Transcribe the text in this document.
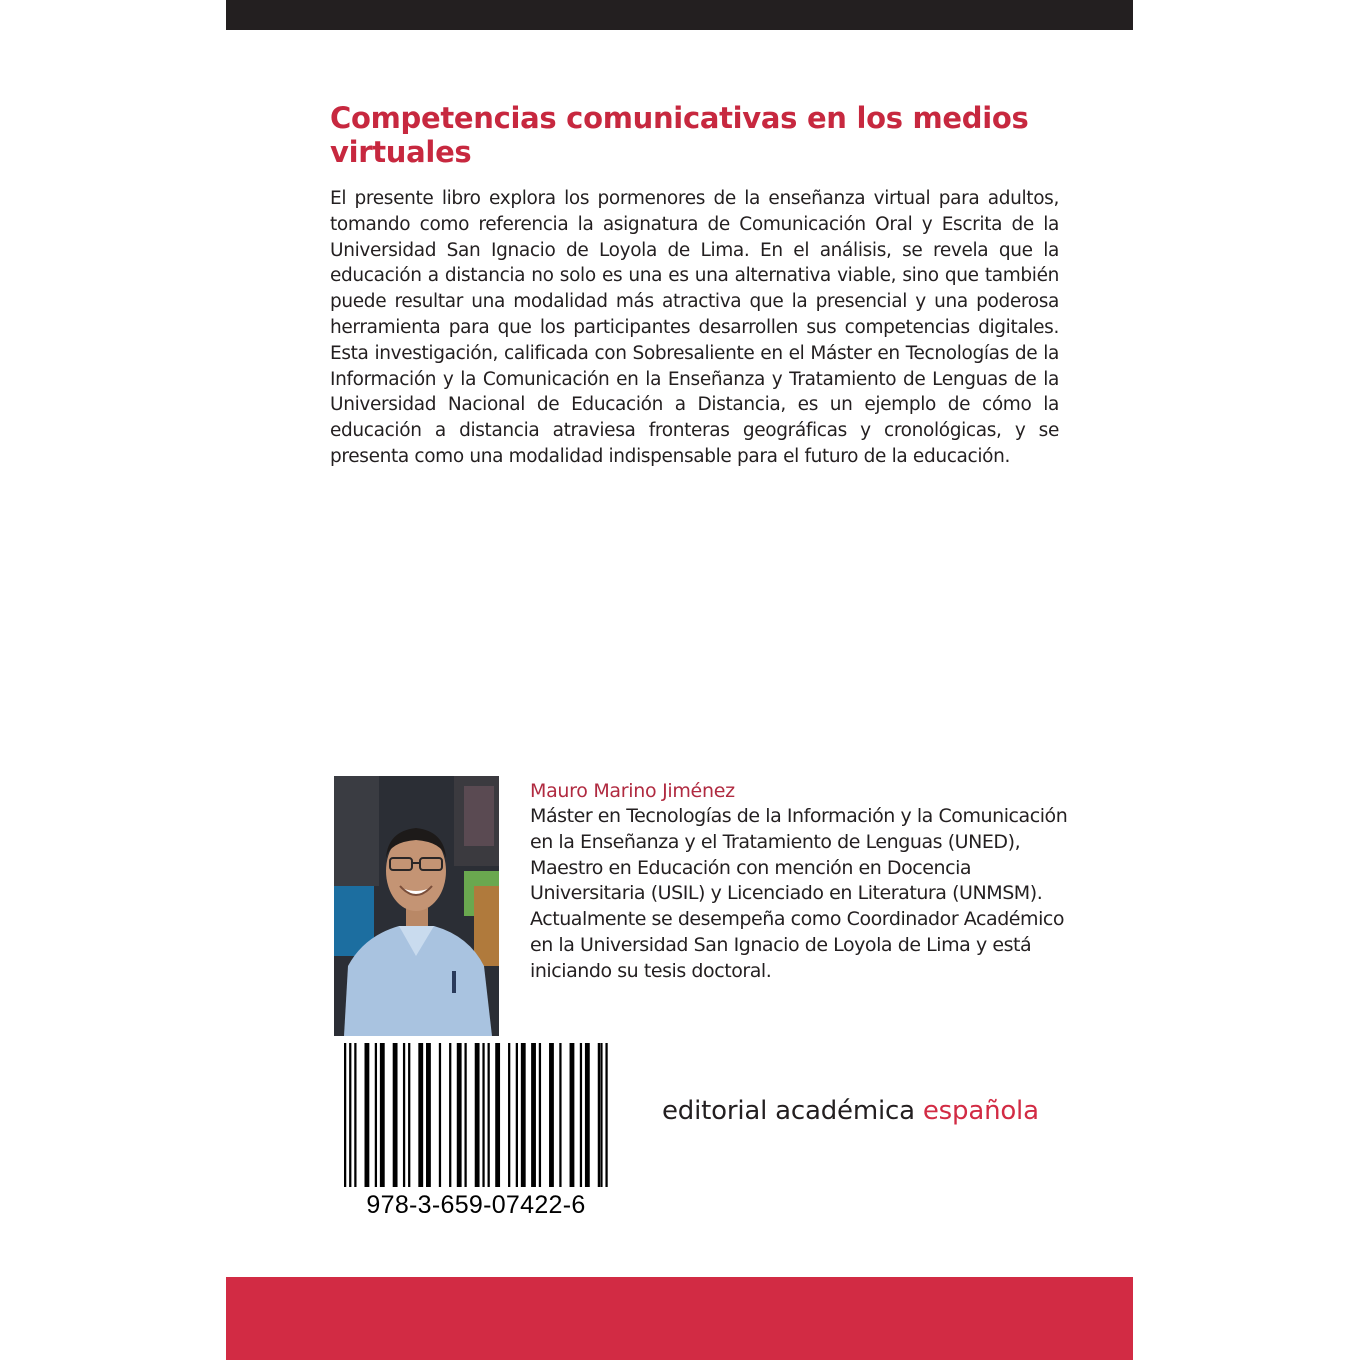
Competencias comunicativas en los medios virtuales

El presente libro explora los pormenores de la enseñanza virtual para adultos, tomando como referencia la asignatura de Comunicación Oral y Escrita de la Universidad San Ignacio de Loyola de Lima. En el análisis, se revela que la educación a distancia no solo es una es una alternativa viable, sino que también puede resultar una modalidad más atractiva que la presencial y una poderosa herramienta para que los participantes desarrollen sus competencias digitales. Esta investigación, calificada con Sobresaliente en el Máster en Tecnologías de la Información y la Comunicación en la Enseñanza y Tratamiento de Lenguas de la Universidad Nacional de Educación a Distancia, es un ejemplo de cómo la educación a distancia atraviesa fronteras geográficas y cronológicas, y se presenta como una modalidad indispensable para el futuro de la educación.

Mauro Marino Jiménez

Máster en Tecnologías de la Información y la Comunicación en la Enseñanza y el Tratamiento de Lenguas (UNED), Maestro en Educación con mención en Docencia Universitaria (USIL) y Licenciado en Literatura (UNMSM). Actualmente se desempeña como Coordinador Académico en la Universidad San Ignacio de Loyola de Lima y está iniciando su tesis doctoral.

978-3-659-07422-6

editorial académica española
